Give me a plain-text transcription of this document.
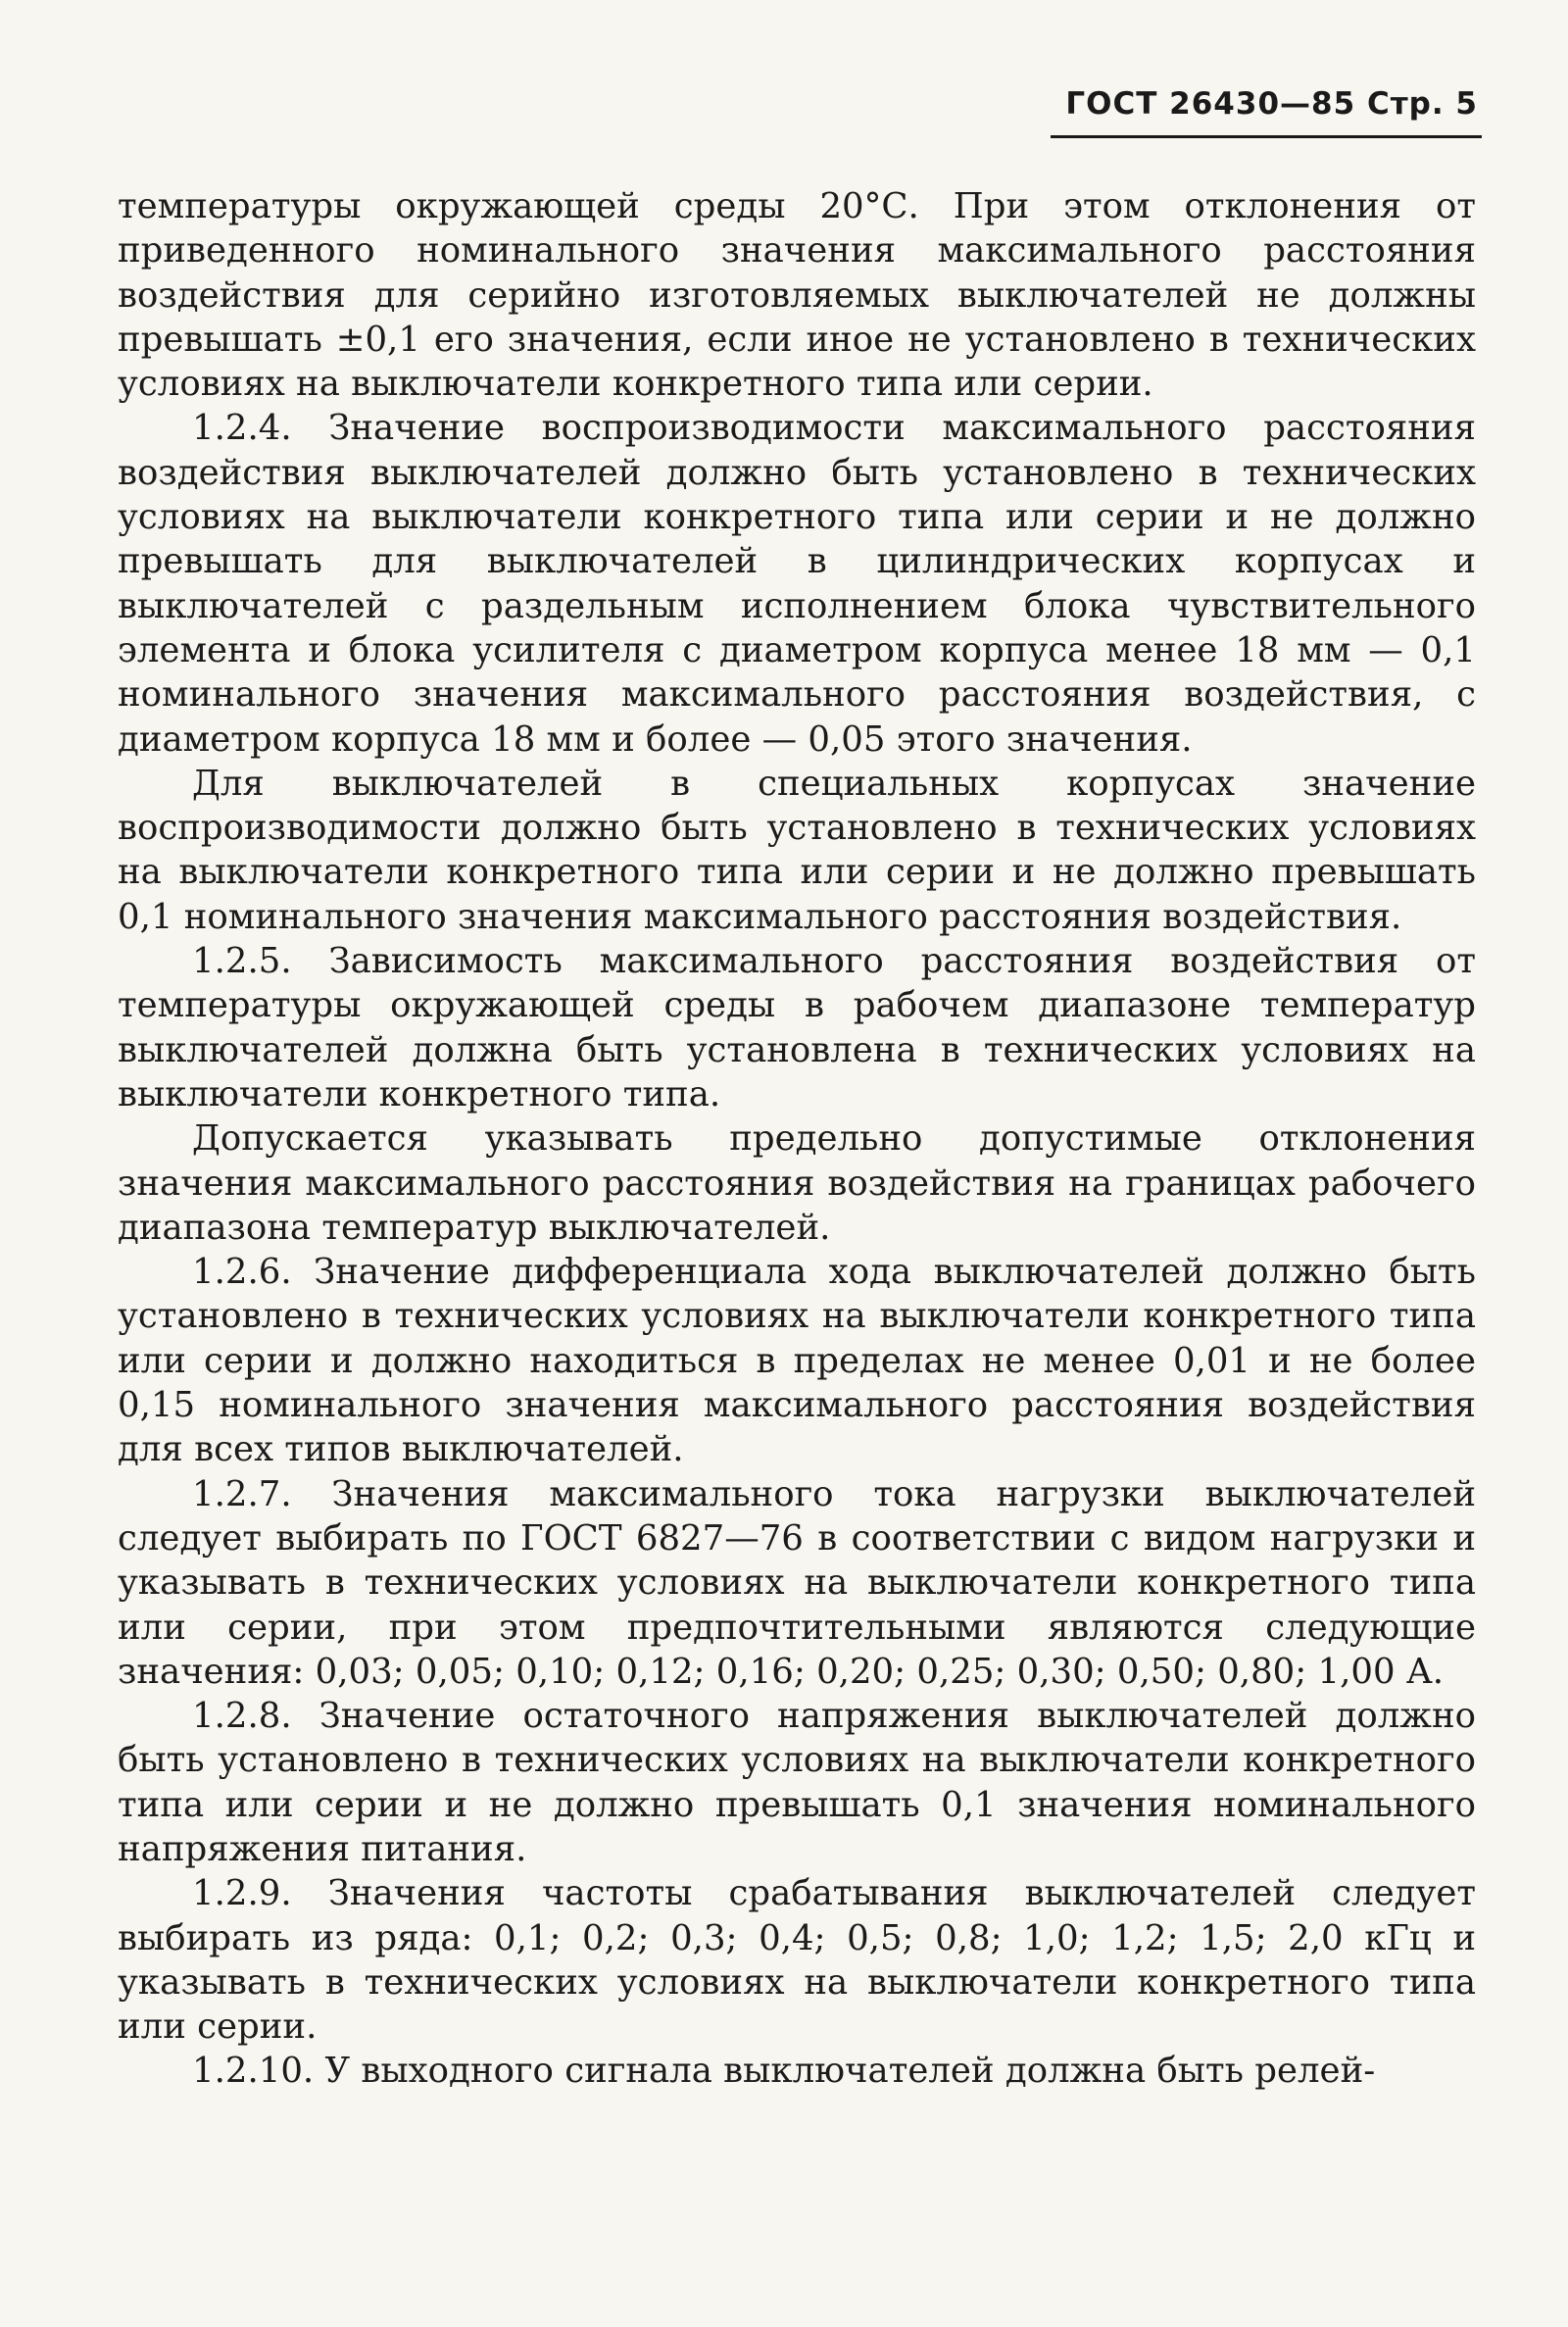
ГОСТ 26430—85 Стр. 5

температуры окружающей среды 20°С. При этом отклонения от приведенного номинального значения максимального расстояния воздействия для серийно изготовляемых выключателей не должны превышать ±0,1 его значения, если иное не установлено в технических условиях на выключатели конкретного типа или серии.

1.2.4. Значение воспроизводимости максимального расстояния воздействия выключателей должно быть установлено в технических условиях на выключатели конкретного типа или серии и не должно превышать для выключателей в цилиндрических корпусах и выключателей с раздельным исполнением блока чувствительного элемента и блока усилителя с диаметром корпуса менее 18 мм — 0,1 номинального значения максимального расстояния воздействия, с диаметром корпуса 18 мм и более — 0,05 этого значения.

Для выключателей в специальных корпусах значение воспроизводимости должно быть установлено в технических условиях на выключатели конкретного типа или серии и не должно превышать 0,1 номинального значения максимального расстояния воздействия.

1.2.5. Зависимость максимального расстояния воздействия от температуры окружающей среды в рабочем диапазоне температур выключателей должна быть установлена в технических условиях на выключатели конкретного типа.

Допускается указывать предельно допустимые отклонения значения максимального расстояния воздействия на границах рабочего диапазона температур выключателей.

1.2.6. Значение дифференциала хода выключателей должно быть установлено в технических условиях на выключатели конкретного типа или серии и должно находиться в пределах не менее 0,01 и не более 0,15 номинального значения максимального расстояния воздействия для всех типов выключателей.

1.2.7. Значения максимального тока нагрузки выключателей следует выбирать по ГОСТ 6827—76 в соответствии с видом нагрузки и указывать в технических условиях на выключатели конкретного типа или серии, при этом предпочтительными являются следующие значения: 0,03; 0,05; 0,10; 0,12; 0,16; 0,20; 0,25; 0,30; 0,50; 0,80; 1,00 А.

1.2.8. Значение остаточного напряжения выключателей должно быть установлено в технических условиях на выключатели конкретного типа или серии и не должно превышать 0,1 значения номинального напряжения питания.

1.2.9. Значения частоты срабатывания выключателей следует выбирать из ряда: 0,1; 0,2; 0,3; 0,4; 0,5; 0,8; 1,0; 1,2; 1,5; 2,0 кГц и указывать в технических условиях на выключатели конкретного типа или серии.

1.2.10. У выходного сигнала выключателей должна быть релей-
